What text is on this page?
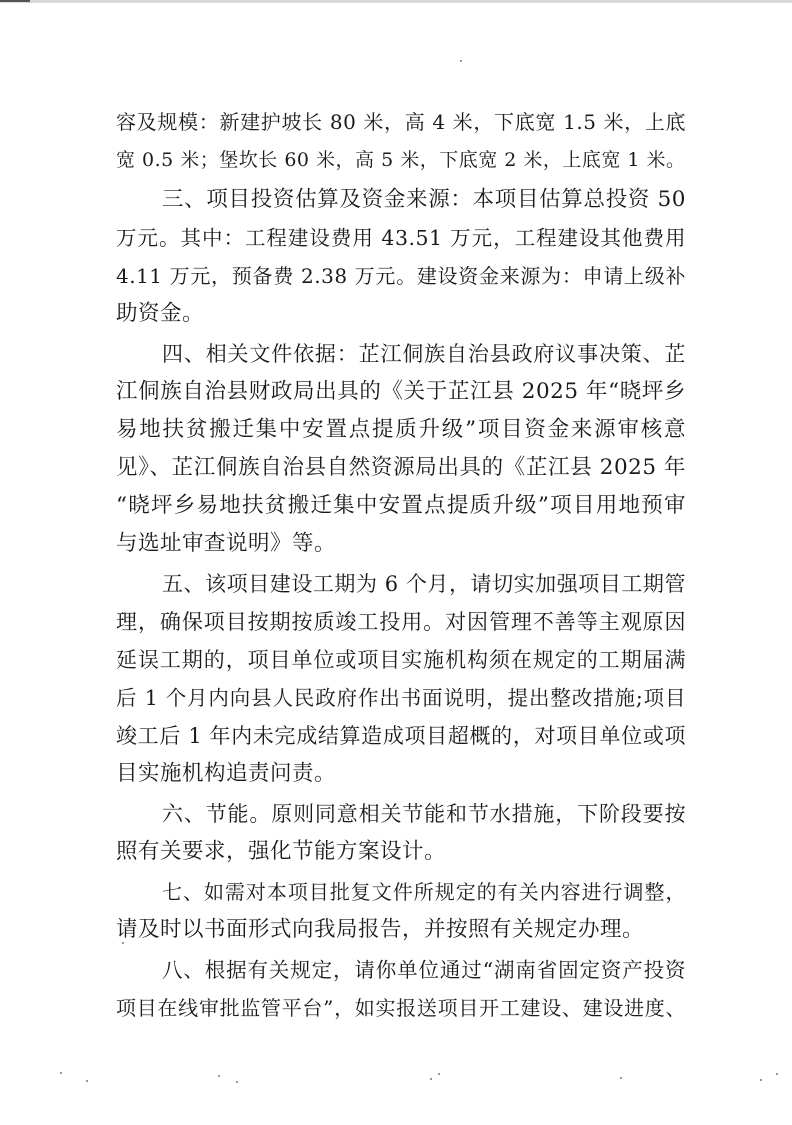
容及规模：新建护坡长 80 米，高 4 米，下底宽 1.5 米，上底
宽 0.5 米；堡坎长 60 米，高 5 米，下底宽 2 米，上底宽 1 米。
三、项目投资估算及资金来源：本项目估算总投资 50
万元。其中：工程建设费用 43.51 万元，工程建设其他费用
4.11 万元，预备费 2.38 万元。建设资金来源为：申请上级补
助资金。
四、相关文件依据：芷江侗族自治县政府议事决策、芷
江侗族自治县财政局出具的《关于芷江县 2025 年“晓坪乡
易地扶贫搬迁集中安置点提质升级”项目资金来源审核意
见》、芷江侗族自治县自然资源局出具的《芷江县 2025 年
“晓坪乡易地扶贫搬迁集中安置点提质升级”项目用地预审
与选址审查说明》等。
五、该项目建设工期为 6 个月，请切实加强项目工期管
理，确保项目按期按质竣工投用。对因管理不善等主观原因
延误工期的，项目单位或项目实施机构须在规定的工期届满
后 1 个月内向县人民政府作出书面说明，提出整改措施;项目
竣工后 1 年内未完成结算造成项目超概的，对项目单位或项
目实施机构追责问责。
六、节能。原则同意相关节能和节水措施，下阶段要按
照有关要求，强化节能方案设计。
七、如需对本项目批复文件所规定的有关内容进行调整，
请及时以书面形式向我局报告，并按照有关规定办理。
八、根据有关规定，请你单位通过“湖南省固定资产投资
项目在线审批监管平台”，如实报送项目开工建设、建设进度、
